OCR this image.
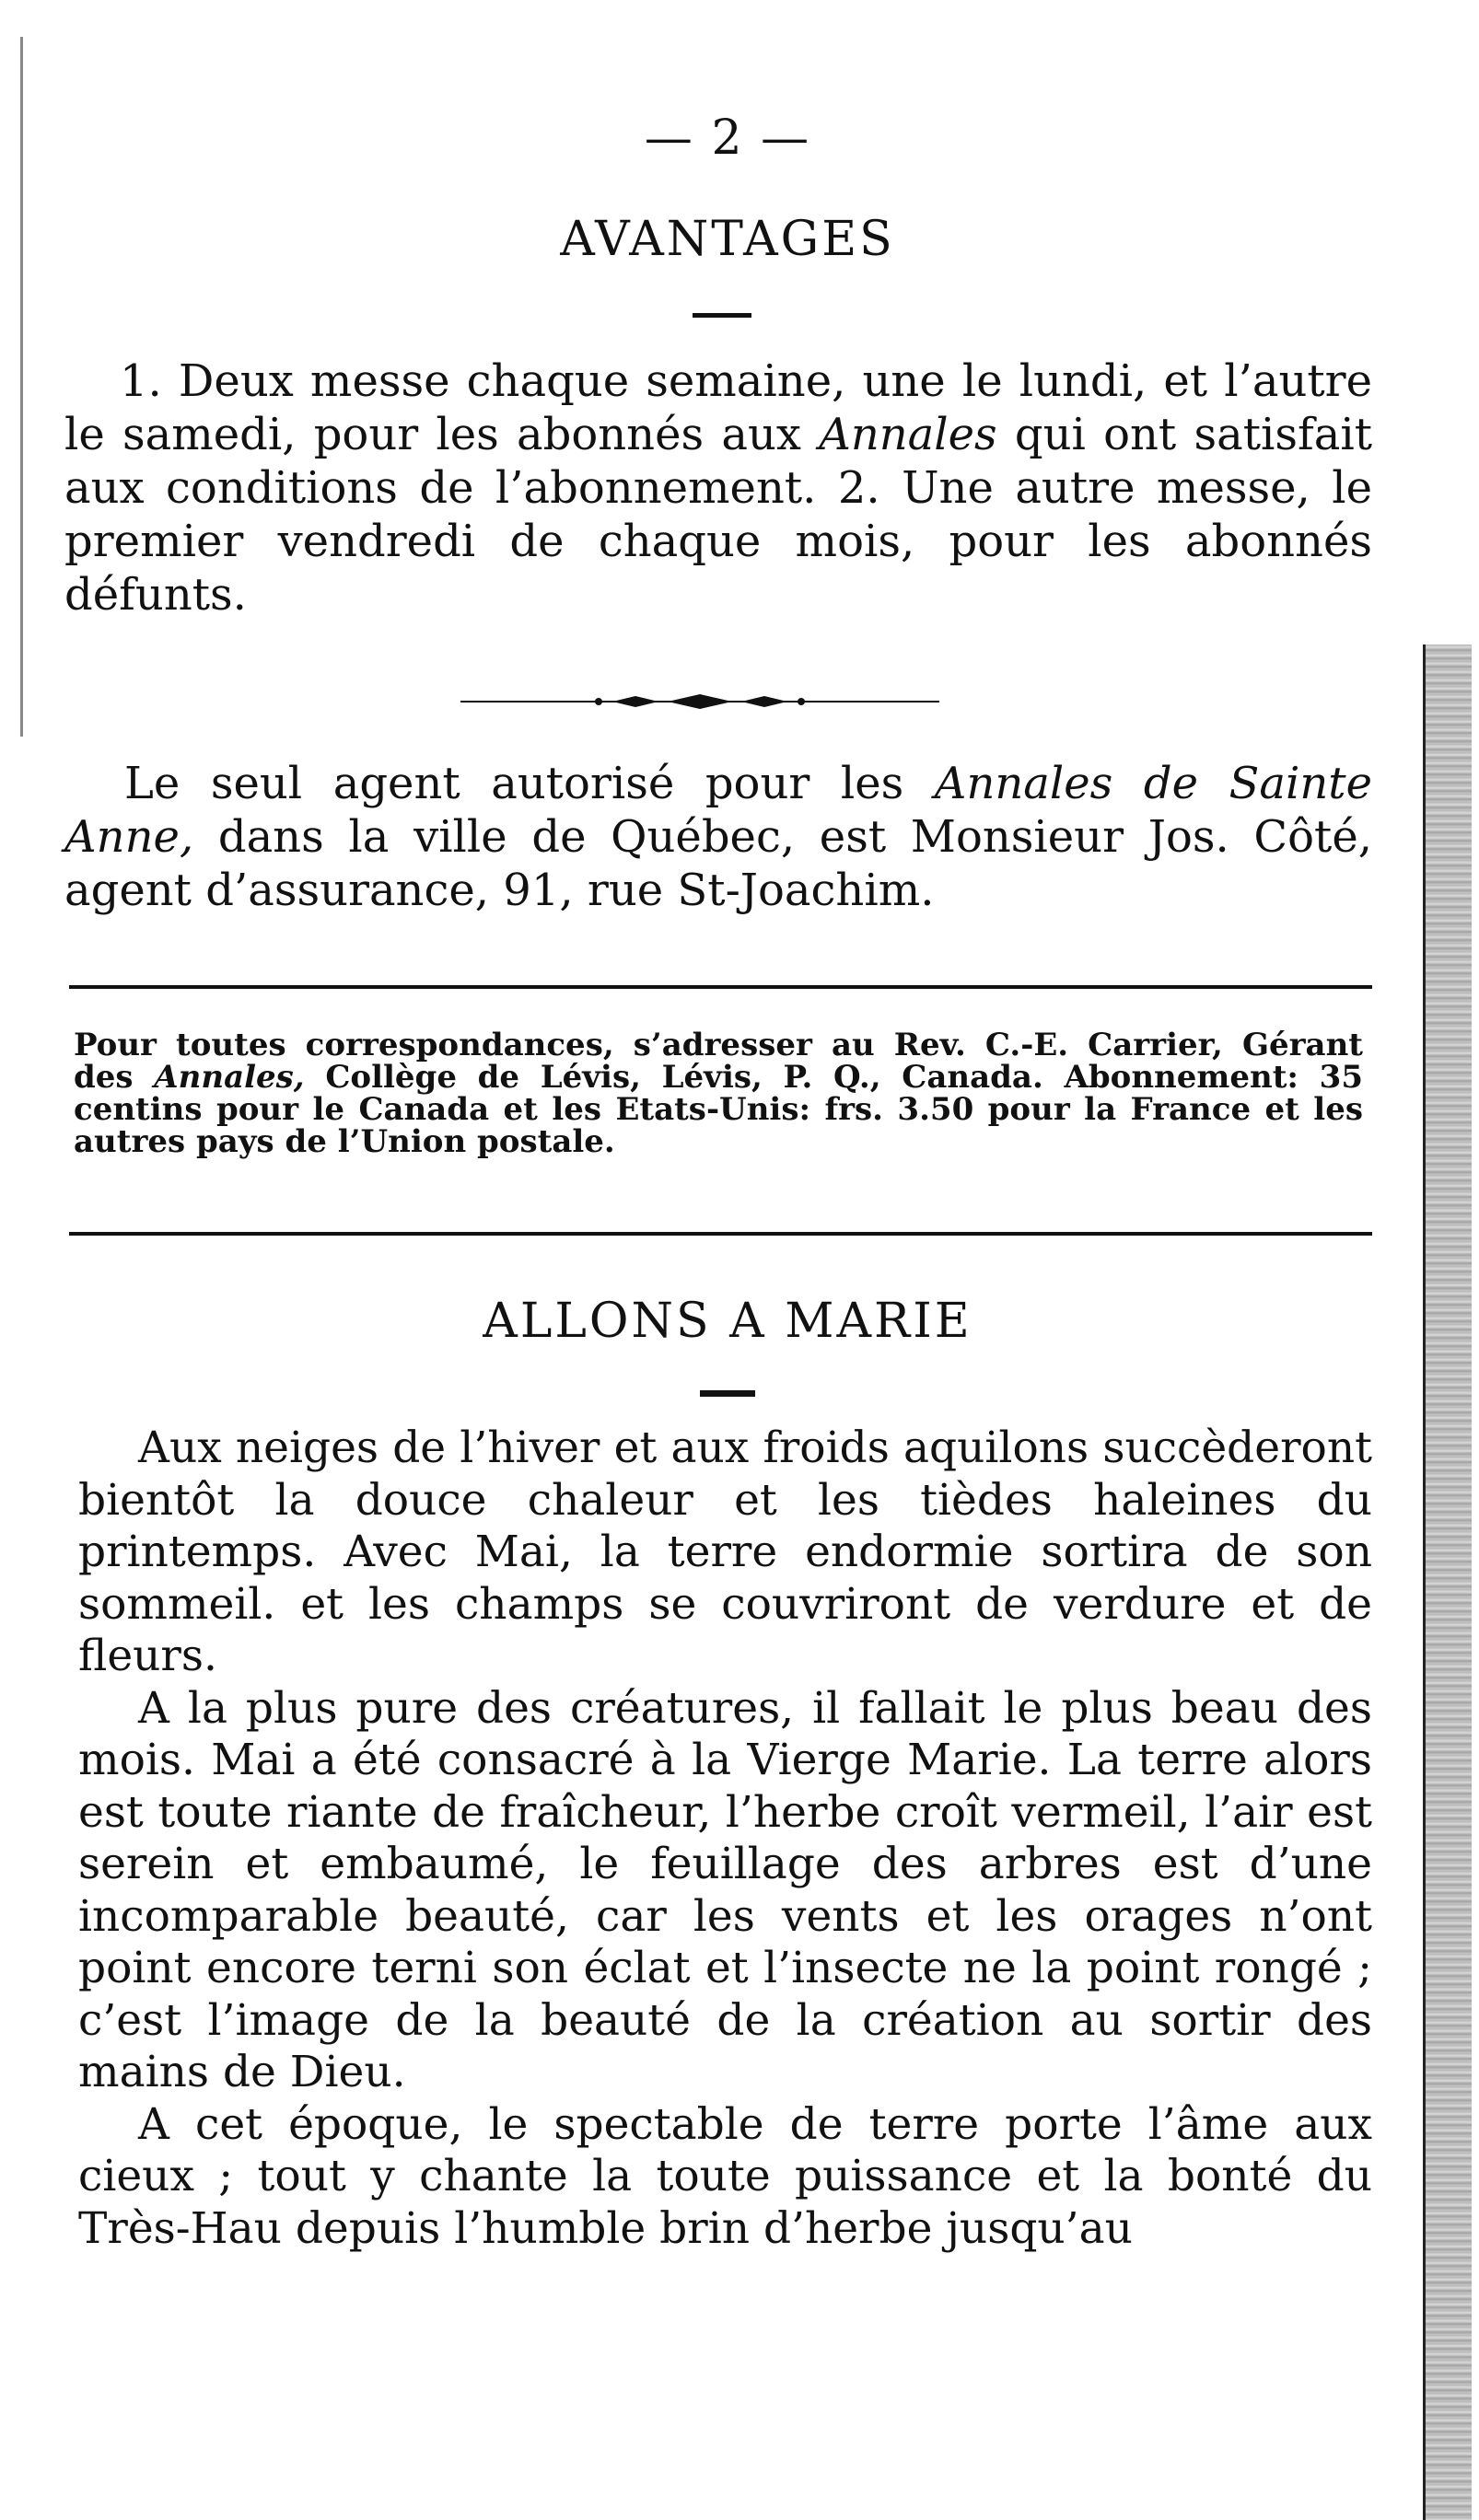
— 2 —
AVANTAGES
1. Deux messe chaque semaine, une le lundi, et l’autre le samedi, pour les abonnés aux Annales qui ont satisfait aux conditions de l’abonnement. 2. Une autre messe, le premier vendredi de chaque mois, pour les abonnés défunts.
Le seul agent autorisé pour les Annales de Sainte Anne, dans la ville de Québec, est Monsieur Jos. Côté, agent d’assurance, 91, rue St-Joachim.
Pour toutes correspondances, s’adresser au Rev. C.-E. Carrier, Gérant des Annales, Collège de Lévis, Lévis, P. Q., Canada. Abonnement: 35 centins pour le Canada et les Etats-Unis: frs. 3.50 pour la France et les autres pays de l’Union postale.
ALLONS A MARIE

Aux neiges de l’hiver et aux froids aquilons succèderont bientôt la douce chaleur et les tièdes haleines du printemps. Avec Mai, la terre endormie sortira de son sommeil. et les champs se couvriront de verdure et de fleurs.

A la plus pure des créatures, il fallait le plus beau des mois. Mai a été consacré à la Vierge Marie. La terre alors est toute riante de fraîcheur, l’herbe croît vermeil, l’air est serein et embaumé, le feuillage des arbres est d’une incomparable beauté, car les vents et les orages n’ont point encore terni son éclat et l’insecte ne la point rongé ; c’est l’image de la beauté de la création au sortir des mains de Dieu.

A cet époque, le spectable de terre porte l’âme aux cieux ; tout y chante la toute puissance et la bonté du Très-Hau depuis l’humble brin d’herbe jusqu’au
